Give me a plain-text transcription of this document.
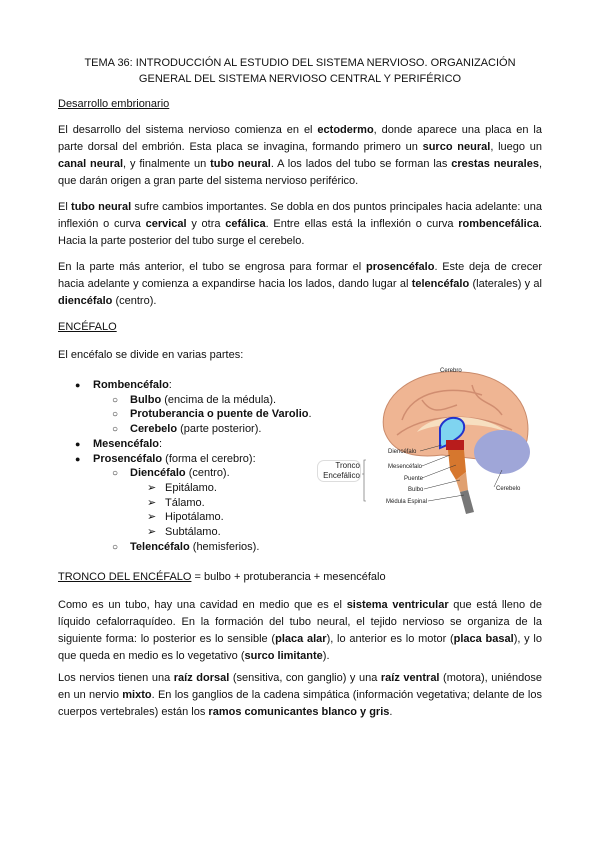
TEMA 36: INTRODUCCIÓN AL ESTUDIO DEL SISTEMA NERVIOSO. ORGANIZACIÓN
GENERAL DEL SISTEMA NERVIOSO CENTRAL Y PERIFÉRICO
Desarrollo embrionario
El desarrollo del sistema nervioso comienza en el ectodermo, donde aparece una placa en la parte dorsal del embrión. Esta placa se invagina, formando primero un surco neural, luego un canal neural, y finalmente un tubo neural. A los lados del tubo se forman las crestas neurales, que darán origen a gran parte del sistema nervioso periférico.
El tubo neural sufre cambios importantes. Se dobla en dos puntos principales hacia adelante: una inflexión o curva cervical y otra cefálica. Entre ellas está la inflexión o curva rombencefálica. Hacia la parte posterior del tubo surge el cerebelo.
En la parte más anterior, el tubo se engrosa para formar el prosencéfalo. Este deja de crecer hacia adelante y comienza a expandirse hacia los lados, dando lugar al telencéfalo (laterales) y al diencéfalo (centro).
ENCÉFALO
El encéfalo se divide en varias partes:
● Rombencéfalo:
○ Bulbo (encima de la médula).
○ Protuberancia o puente de Varolio.
○ Cerebelo (parte posterior).
● Mesencéfalo:
● Prosencéfalo (forma el cerebro):
○ Diencéfalo (centro).
➢ Epitálamo.
➢ Tálamo.
➢ Hipotálamo.
➢ Subtálamo.
○ Telencéfalo (hemisferios).
Cerebro
Diencéfalo
Mesencéfalo
Puente
Bulbo
Médula Espinal
Cerebelo
Tronco
Encefálico
TRONCO DEL ENCÉFALO = bulbo + protuberancia + mesencéfalo
Como es un tubo, hay una cavidad en medio que es el sistema ventricular que está lleno de líquido cefalorraquídeo. En la formación del tubo neural, el tejido nervioso se organiza de la siguiente forma: lo posterior es lo sensible (placa alar), lo anterior es lo motor (placa basal), y lo que queda en medio es lo vegetativo (surco limitante).
Los nervios tienen una raíz dorsal (sensitiva, con ganglio) y una raíz ventral (motora), uniéndose en un nervio mixto. En los ganglios de la cadena simpática (información vegetativa; delante de los cuerpos vertebrales) están los ramos comunicantes blanco y gris.
